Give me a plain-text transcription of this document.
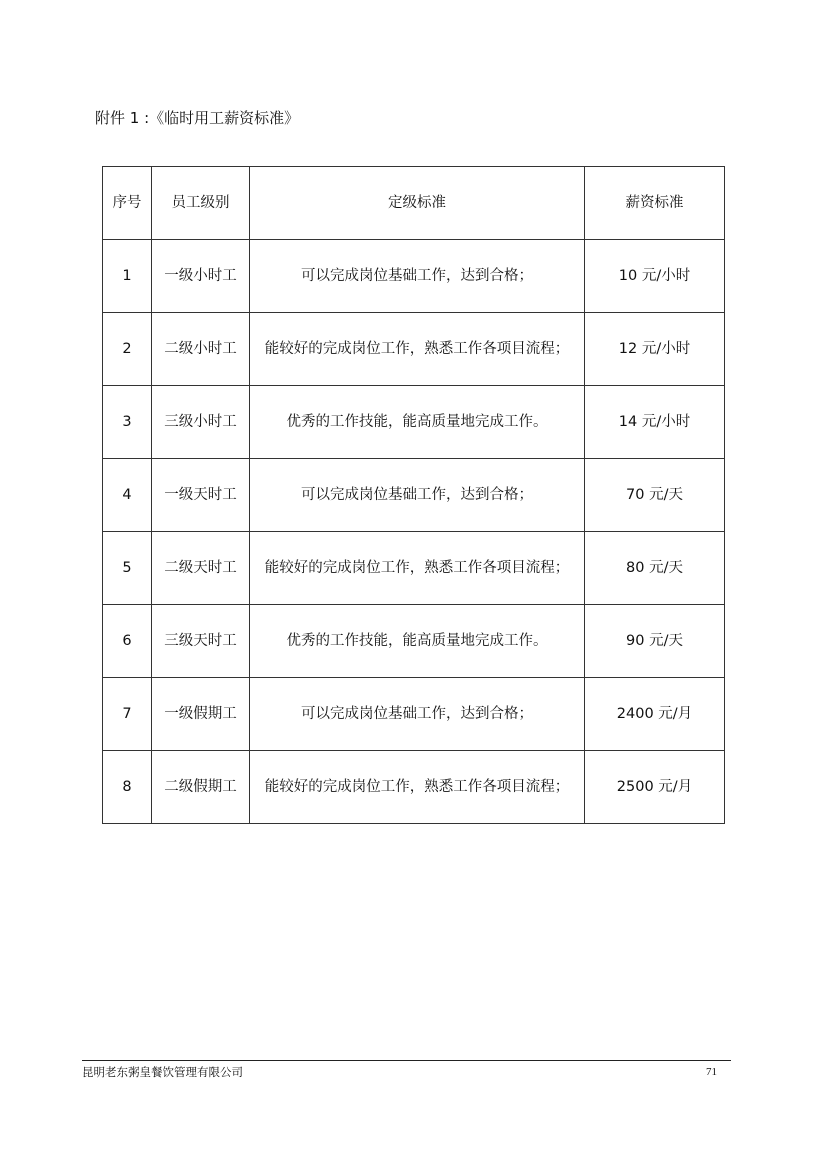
附件 1 :《临时用工薪资标准》
序号	员工级别	定级标准	薪资标准
1	一级小时工	可以完成岗位基础工作，达到合格；	10 元/小时
2	二级小时工	能较好的完成岗位工作，熟悉工作各项目流程；	12 元/小时
3	三级小时工	优秀的工作技能，能高质量地完成工作。	14 元/小时
4	一级天时工	可以完成岗位基础工作，达到合格；	70 元/天
5	二级天时工	能较好的完成岗位工作，熟悉工作各项目流程；	80 元/天
6	三级天时工	优秀的工作技能，能高质量地完成工作。	90 元/天
7	一级假期工	可以完成岗位基础工作，达到合格；	2400 元/月
8	二级假期工	能较好的完成岗位工作，熟悉工作各项目流程；	2500 元/月
昆明老东粥皇餐饮管理有限公司	71
